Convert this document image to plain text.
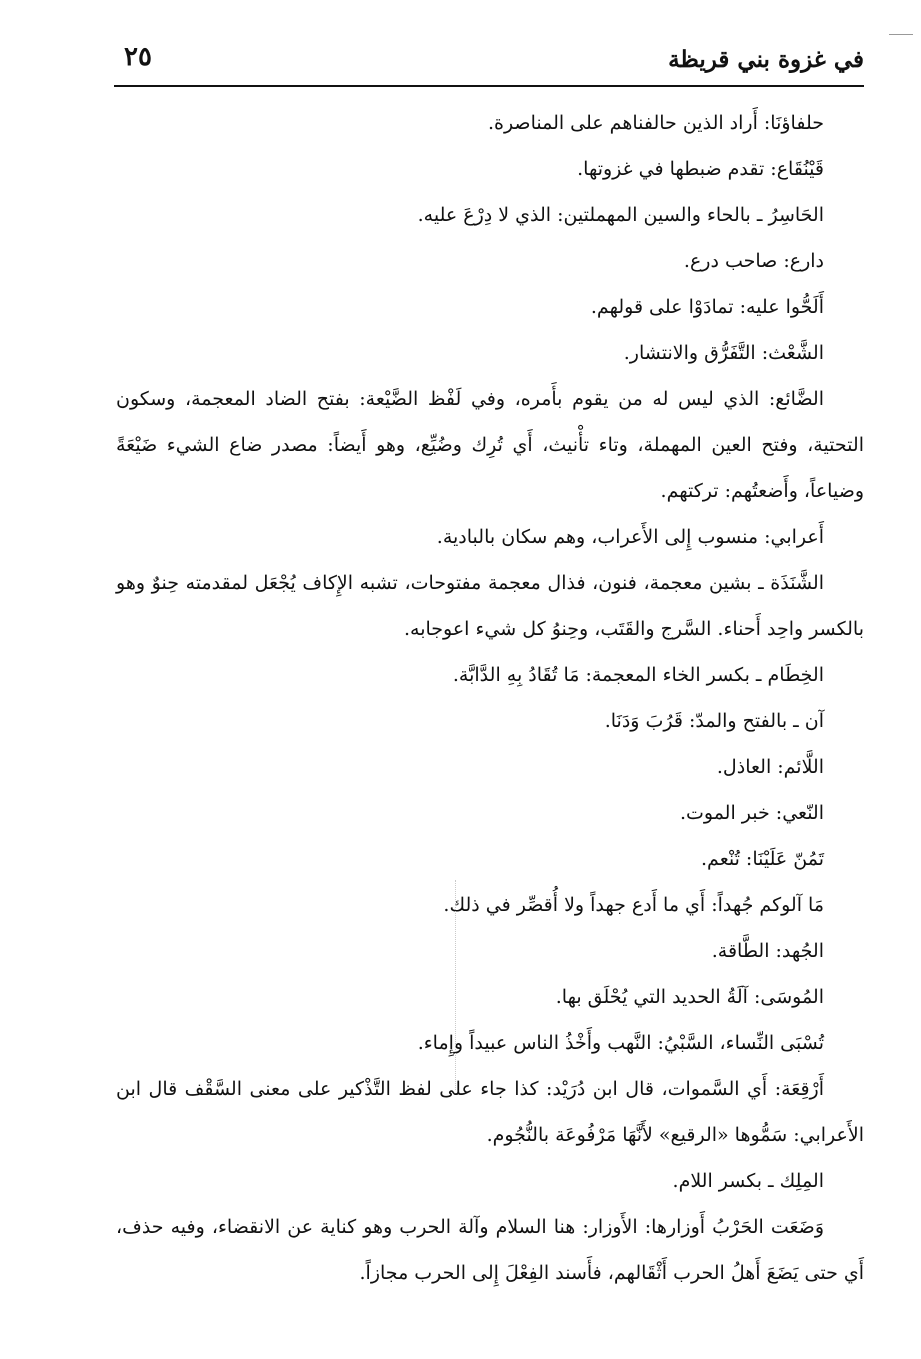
في غزوة بني قريظة
٢٥

حلفاؤنَا: أَراد الذين حالفناهم على المناصرة.

قَيْنُقَاع: تقدم ضبطها في غزوتها.

الحَاسِرُ ـ بالحاء والسين المهملتين: الذي لا دِرْعَ عليه.

دارع: صاحب درع.

أَلَحُّوا عليه: تمادَوْا على قولهم.

الشَّعْث: التَّفَرُّق والانتشار.

الضَّائع: الذي ليس له من يقوم بأَمره، وفي لَفْظ الضَّيْعة: بفتح الضاد المعجمة، وسكون التحتية، وفتح العين المهملة، وتاء تأْنيث، أَي تُرِك وضُيِّع، وهو أَيضاً: مصدر ضاع الشيء ضَيْعَةً وضياعاً، وأَضعتُهم: تركتهم.

أَعرابي: منسوب إِلى الأَعراب، وهم سكان بالبادية.

الشَّنَذَة ـ بشين معجمة، فنون، فذال معجمة مفتوحات، تشبه الإِكاف يُجْعَل لمقدمته حِنوٌ وهو بالكسر واحِد أَحناء. السَّرج والقَتَب، وحِنوُ كل شيء اعوجابه.

الخِطَام ـ بكسر الخاء المعجمة: مَا تُقَادُ بِهِ الدَّابَّة.

آن ـ بالفتح والمدّ: قَرُبَ وَدَنَا.

اللَّائم: العاذل.

النّعي: خبر الموت.

تَمُنّ عَلَيْنَا: تُنْعم.

مَا آلوكم جُهداً: أَي ما أَدع جهداً ولا أُقصِّر في ذلك.

الجُهد: الطَّاقة.

المُوسَى: آلَةُ الحديد التي يُحْلَق بها.

تُسْبَى النِّساء، السَّبْيُ: النَّهب وأَخْذُ الناس عبيداً وإِماء.

أَرْقِعَة: أَي السَّموات، قال ابن دُرَيْد: كذا جاء على لفظ التَّذْكير على معنى السَّقْف قال ابن الأَعرابي: سَمُّوها «الرقيع» لأَنَّهَا مَرْفُوعَة بالنُّجُوم.

المِلِك ـ بكسر اللام.

وَضَعَت الحَرْبُ أَوزارها: الأَوزار: هنا السلام وآلة الحرب وهو كناية عن الانقضاء، وفيه حذف، أَي حتى يَضَعَ أَهلُ الحرب أَثْقَالهم، فأَسند الفِعْلَ إِلى الحرب مجازاً.
